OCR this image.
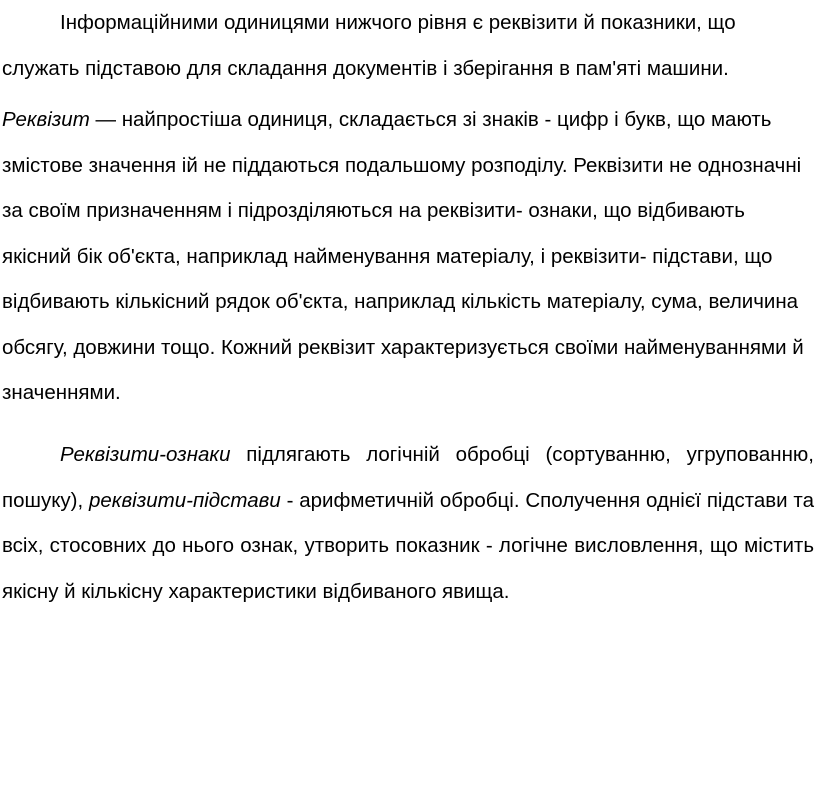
Інформаційними одиницями нижчого рівня є реквізити й показники, що служать підставою для складання документів і зберігання в пам'яті машини.

Реквізит — найпростіша одиниця, складається зі знаків - цифр і букв, що мають змістове значення ій не піддаються подальшому розподілу. Реквізити не однозначні за своїм призначенням і підрозділяються на реквізити- ознаки, що відбивають якісний бік об'єкта, наприклад найменування матеріалу, і реквізити- підстави, що відбивають кількісний рядок об'єкта, наприклад кількість матеріалу, сума, величина обсягу, довжини тощо. Кожний реквізит характеризується своїми найменуваннями й значеннями.

Реквізити-ознаки підлягають логічній обробці (сортуванню, угрупованню, пошуку), реквізити-підстави - арифметичній обробці. Сполучення однієї підстави та всіх, стосовних до нього ознак, утворить показник - логічне висловлення, що містить якісну й кількісну характеристики відбиваного явища.
